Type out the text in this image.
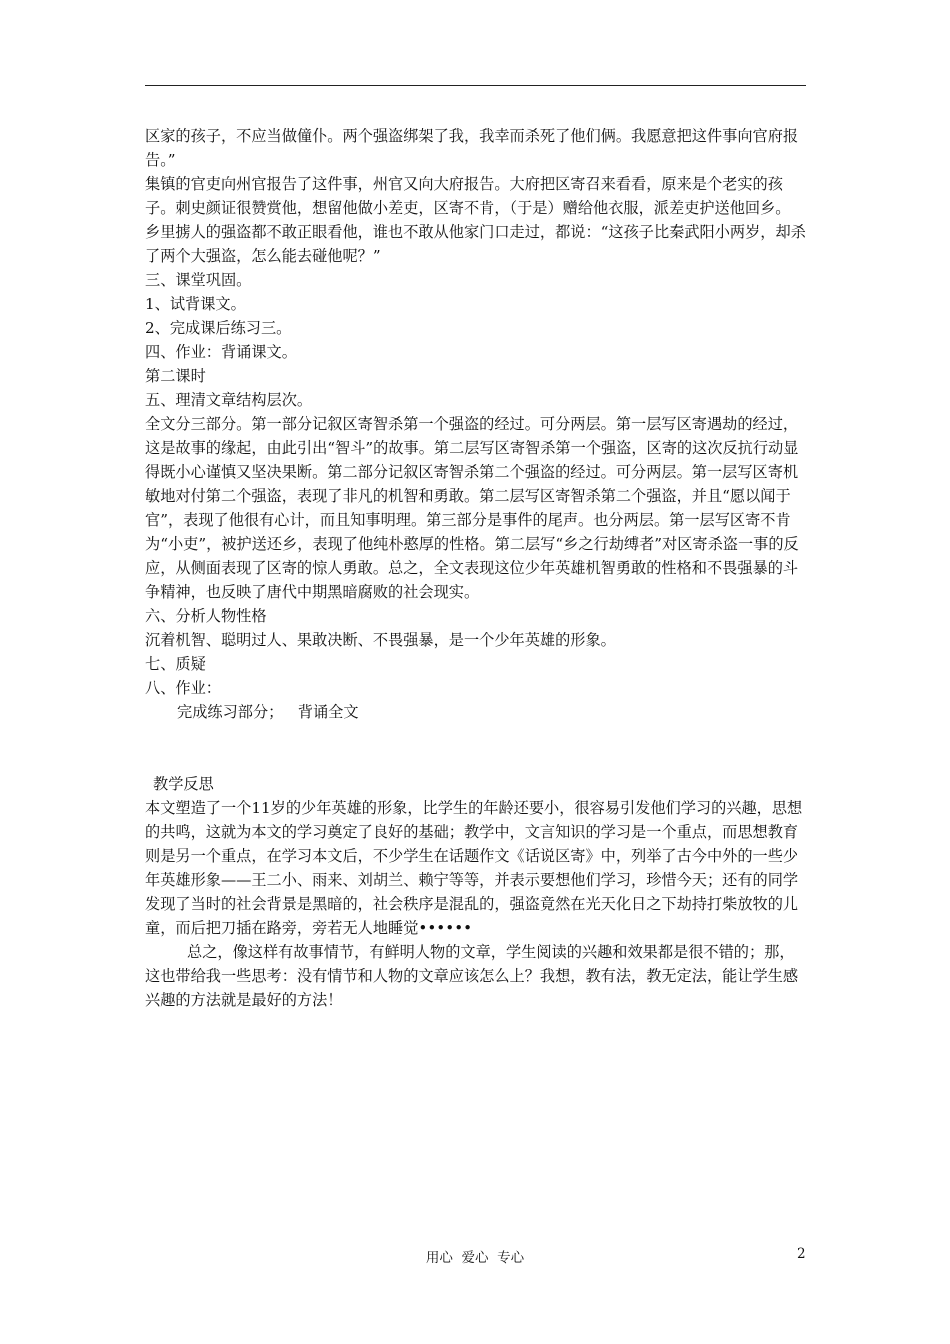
区家的孩子，不应当做僮仆。两个强盗绑架了我，我幸而杀死了他们俩。我愿意把这件事向官府报告。”

集镇的官吏向州官报告了这件事，州官又向大府报告。大府把区寄召来看看，原来是个老实的孩子。刺史颜证很赞赏他，想留他做小差吏，区寄不肯，（于是）赠给他衣服，派差吏护送他回乡。

乡里掳人的强盗都不敢正眼看他，谁也不敢从他家门口走过，都说：“这孩子比秦武阳小两岁，却杀了两个大强盗，怎么能去碰他呢？”

三、课堂巩固。

1、试背课文。

2、完成课后练习三。

四、作业：背诵课文。

第二课时

五、理清文章结构层次。

全文分三部分。第一部分记叙区寄智杀第一个强盗的经过。可分两层。第一层写区寄遇劫的经过，这是故事的缘起，由此引出“智斗”的故事。第二层写区寄智杀第一个强盗，区寄的这次反抗行动显得既小心谨慎又坚决果断。第二部分记叙区寄智杀第二个强盗的经过。可分两层。第一层写区寄机敏地对付第二个强盗，表现了非凡的机智和勇敢。第二层写区寄智杀第二个强盗，并且“愿以闻于官”，表现了他很有心计，而且知事明理。第三部分是事件的尾声。也分两层。第一层写区寄不肯为“小吏”，被护送还乡，表现了他纯朴憨厚的性格。第二层写“乡之行劫缚者”对区寄杀盗一事的反应，从侧面表现了区寄的惊人勇敢。总之，全文表现这位少年英雄机智勇敢的性格和不畏强暴的斗争精神，也反映了唐代中期黑暗腐败的社会现实。

六、分析人物性格

沉着机智、聪明过人、果敢决断、不畏强暴，是一个少年英雄的形象。

七、质疑

八、作业：

完成练习部分；   背诵全文

教学反思

本文塑造了一个11岁的少年英雄的形象，比学生的年龄还要小，很容易引发他们学习的兴趣，思想的共鸣，这就为本文的学习奠定了良好的基础；教学中，文言知识的学习是一个重点，而思想教育则是另一个重点，在学习本文后，不少学生在话题作文《话说区寄》中，列举了古今中外的一些少年英雄形象——王二小、雨来、刘胡兰、赖宁等等，并表示要想他们学习，珍惜今天；还有的同学发现了当时的社会背景是黑暗的，社会秩序是混乱的，强盗竟然在光天化日之下劫持打柴放牧的儿童，而后把刀插在路旁，旁若无人地睡觉••••••

总之，像这样有故事情节，有鲜明人物的文章，学生阅读的兴趣和效果都是很不错的；那，这也带给我一些思考：没有情节和人物的文章应该怎么上？我想，教有法，教无定法，能让学生感兴趣的方法就是最好的方法！

用心  爱心  专心	2
